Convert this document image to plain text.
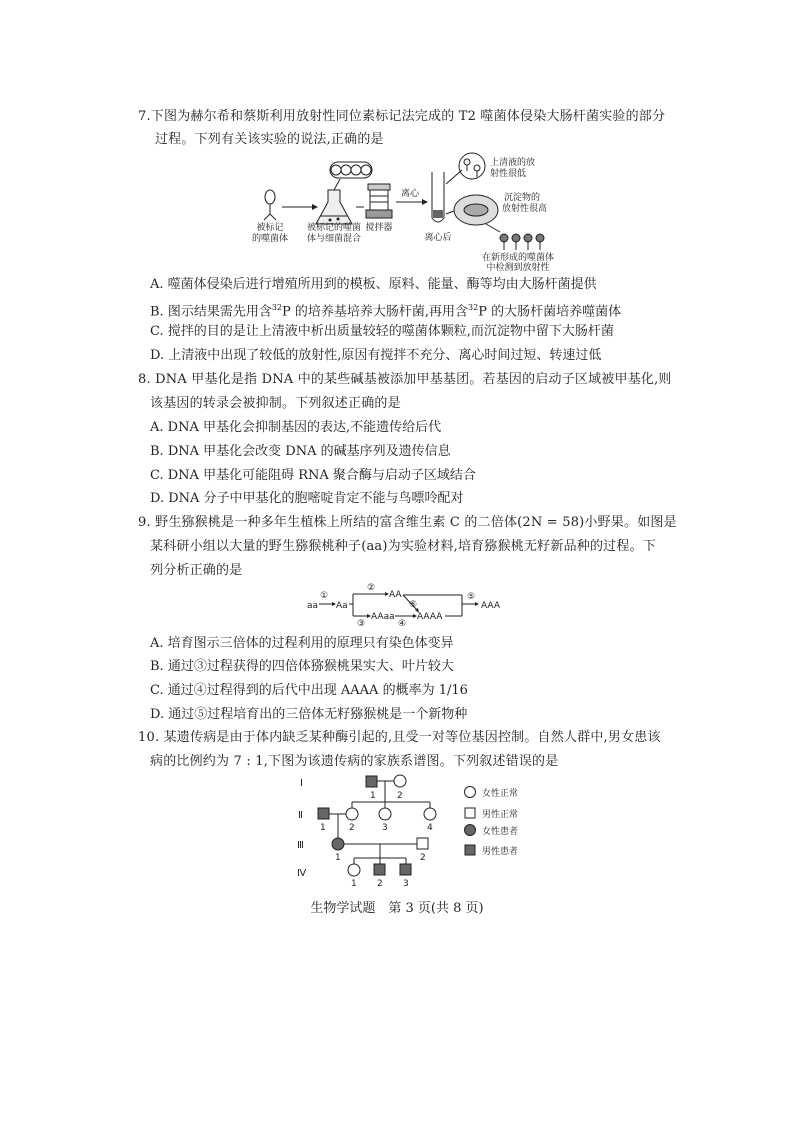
7.下图为赫尔希和蔡斯利用放射性同位素标记法完成的 T2 噬菌体侵染大肠杆菌实验的部分
过程。下列有关该实验的说法,正确的是
被标记
的噬菌体
被标记的噬菌
体与细菌混合
搅拌器
离心
离心后
上清液的放
射性很低
沉淀物的
放射性很高
在新形成的噬菌体
中检测到放射性
A. 噬菌体侵染后进行增殖所用到的模板、原料、能量、酶等均由大肠杆菌提供
B. 图示结果需先用含$^{32}$P 的培养基培养大肠杆菌,再用含$^{32}$P 的大肠杆菌培养噬菌体
C. 搅拌的目的是让上清液中析出质量较轻的噬菌体颗粒,而沉淀物中留下大肠杆菌
D. 上清液中出现了较低的放射性,原因有搅拌不充分、离心时间过短、转速过低
8. DNA 甲基化是指 DNA 中的某些碱基被添加甲基基团。若基因的启动子区域被甲基化,则
该基因的转录会被抑制。下列叙述正确的是
A. DNA 甲基化会抑制基因的表达,不能遗传给后代
B. DNA 甲基化会改变 DNA 的碱基序列及遗传信息
C. DNA 甲基化可能阻碍 RNA 聚合酶与启动子区域结合
D. DNA 分子中甲基化的胞嘧啶肯定不能与鸟嘌呤配对
9. 野生猕猴桃是一种多年生植株上所结的富含维生素 C 的二倍体(2N = 58)小野果。如图是
某科研小组以大量的野生猕猴桃种子(aa)为实验材料,培育猕猴桃无籽新品种的过程。下
列分析正确的是
aa
①
Aa
②
AA
③
AAaa
④
AAAA
⑥
⑤
AAA
A. 培育图示三倍体的过程利用的原理只有染色体变异
B. 通过③过程获得的四倍体猕猴桃果实大、叶片较大
C. 通过④过程得到的后代中出现 AAAA 的概率为 1/16
D. 通过⑤过程培育出的三倍体无籽猕猴桃是一个新物种
10. 某遗传病是由于体内缺乏某种酶引起的,且受一对等位基因控制。自然人群中,男女患该
病的比例约为 7 : 1,下图为该遗传病的家族系谱图。下列叙述错误的是
Ⅰ
Ⅱ
Ⅲ
Ⅳ
1 2
1	2	3	4
1	2
1 2 3
女性正常
男性正常
女性患者
男性患者
生物学试题　第 3 页(共 8 页)
